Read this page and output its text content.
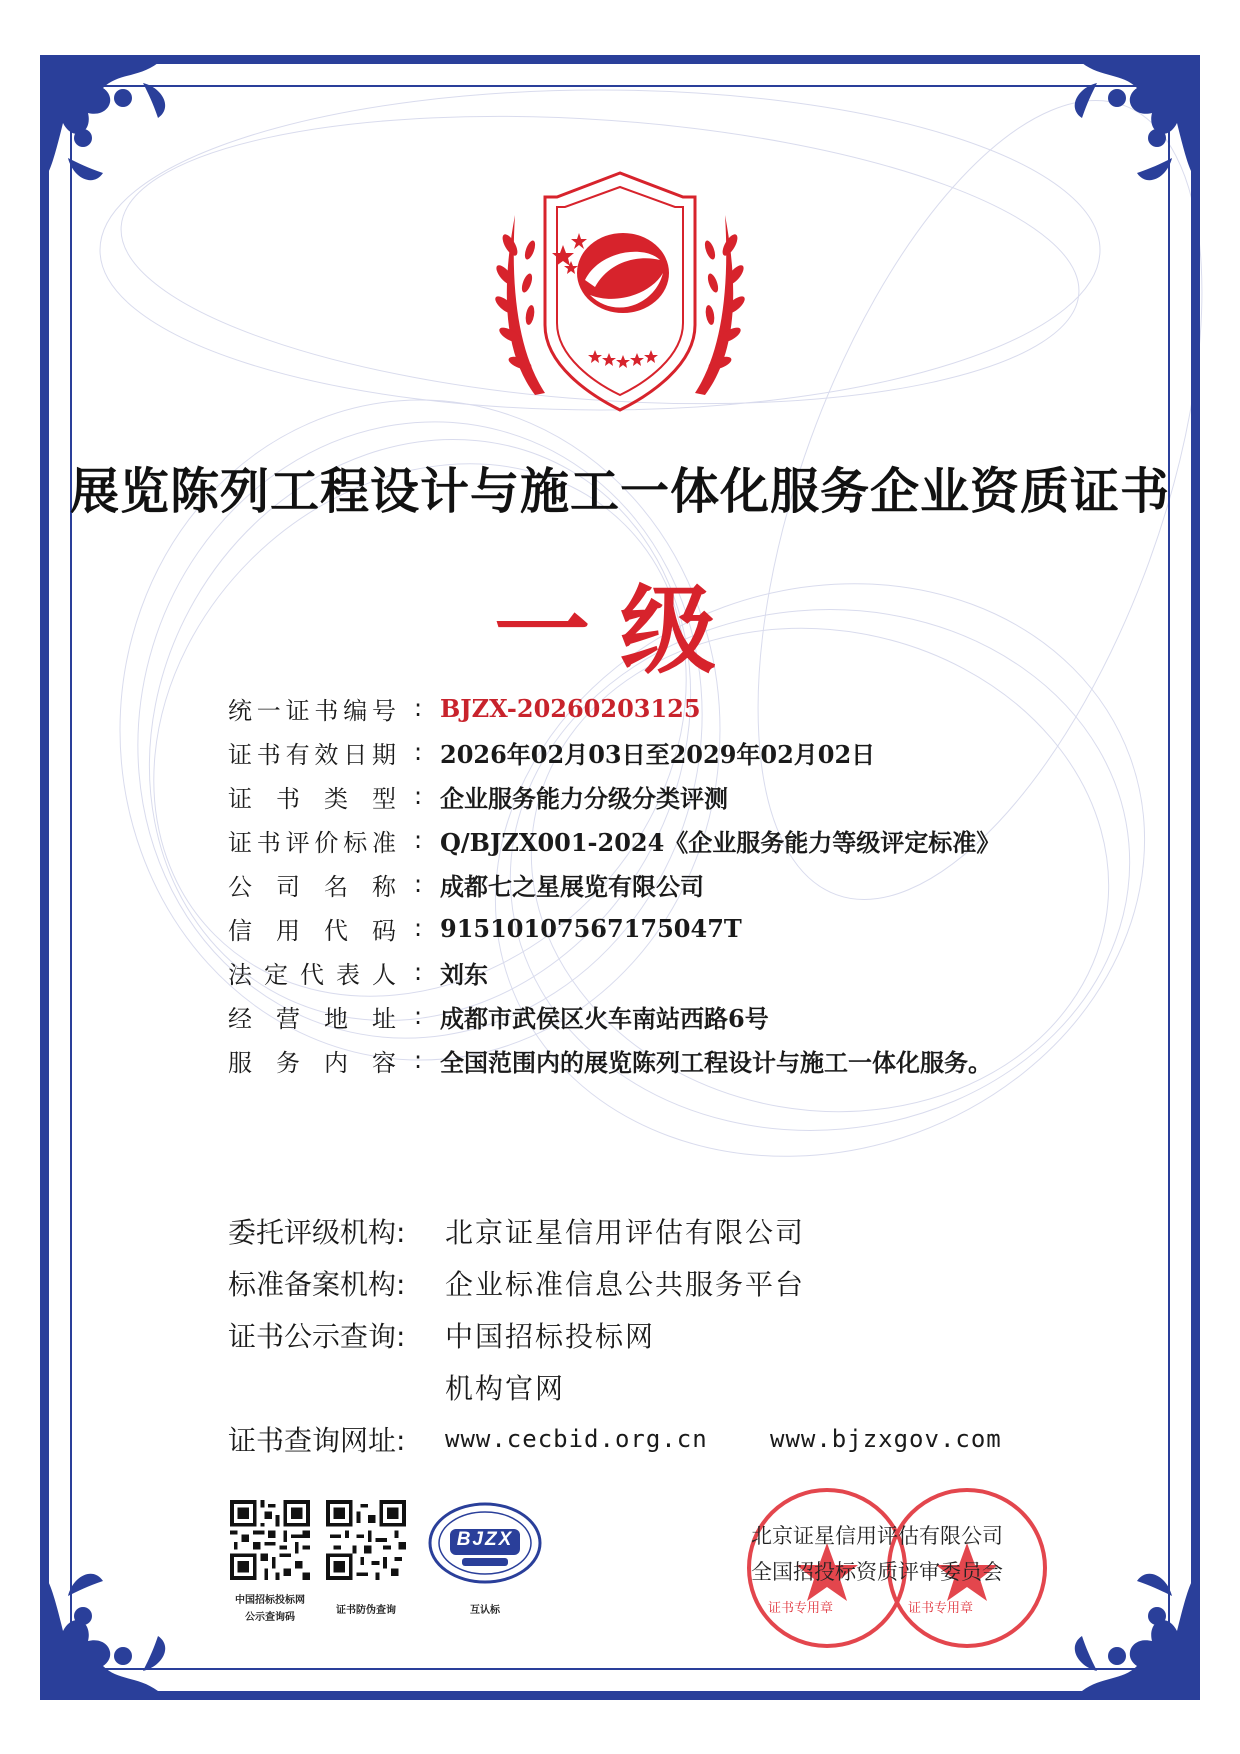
展览陈列工程设计与施工一体化服务企业资质证书
一级
统 一 证 书 编 号 : BJZX-20260203125
证 书 有 效 日 期 : 2026年02月03日至2029年02月02日
证 书 类 型 : 企业服务能力分级分类评测
证 书 评 价 标 准 : Q/BJZX001-2024《企业服务能力等级评定标准》
公 司 名 称 : 成都七之星展览有限公司
信 用 代 码 : 91510107567175047T
法 定 代 表 人 : 刘东
经 营 地 址 : 成都市武侯区火车南站西路6号
服 务 内 容 : 全国范围内的展览陈列工程设计与施工一体化服务。
委托评级机构:	北京证星信用评估有限公司
标准备案机构:	企业标准信息公共服务平台
证书公示查询:	中国招标投标网
机构官网
证书查询网址:	www.cecbid.org.cn	www.bjzxgov.com
中国招标投标网
公示查询码
证书防伪查询
BJZX
互认标
北京证星信用评估有限公司
全国招投标资质评审委员会
证书专用章	证书专用章
